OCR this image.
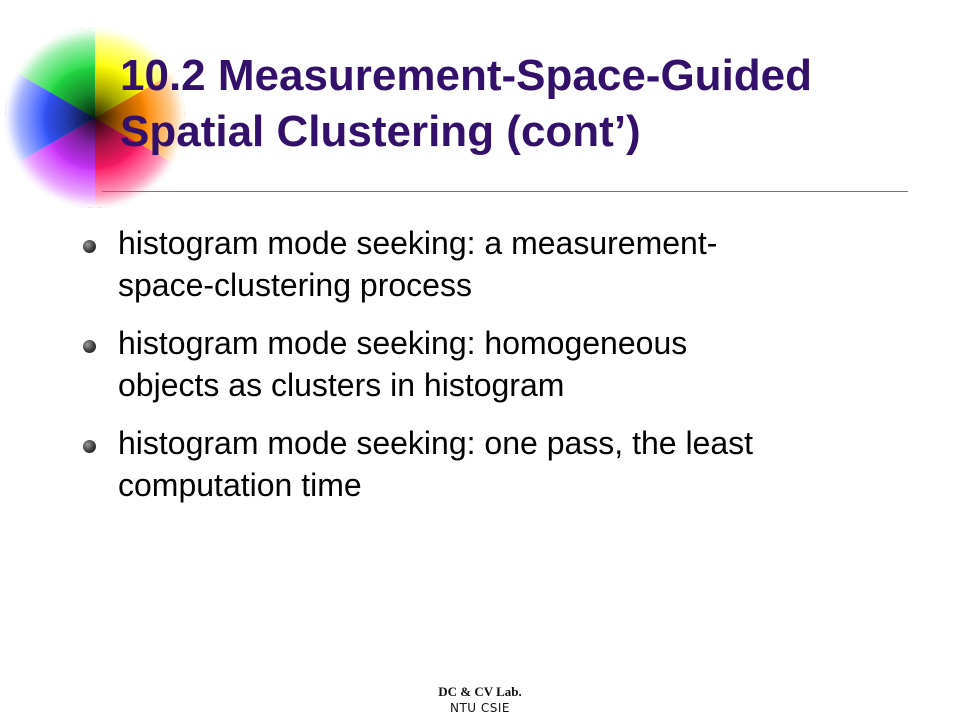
10.2 Measurement-Space-Guided
Spatial Clustering (cont’)
histogram mode seeking: a measurement-
space-clustering process
histogram mode seeking: homogeneous
objects as clusters in histogram
histogram mode seeking: one pass, the least
computation time
DC & CV Lab.
NTU CSIE
